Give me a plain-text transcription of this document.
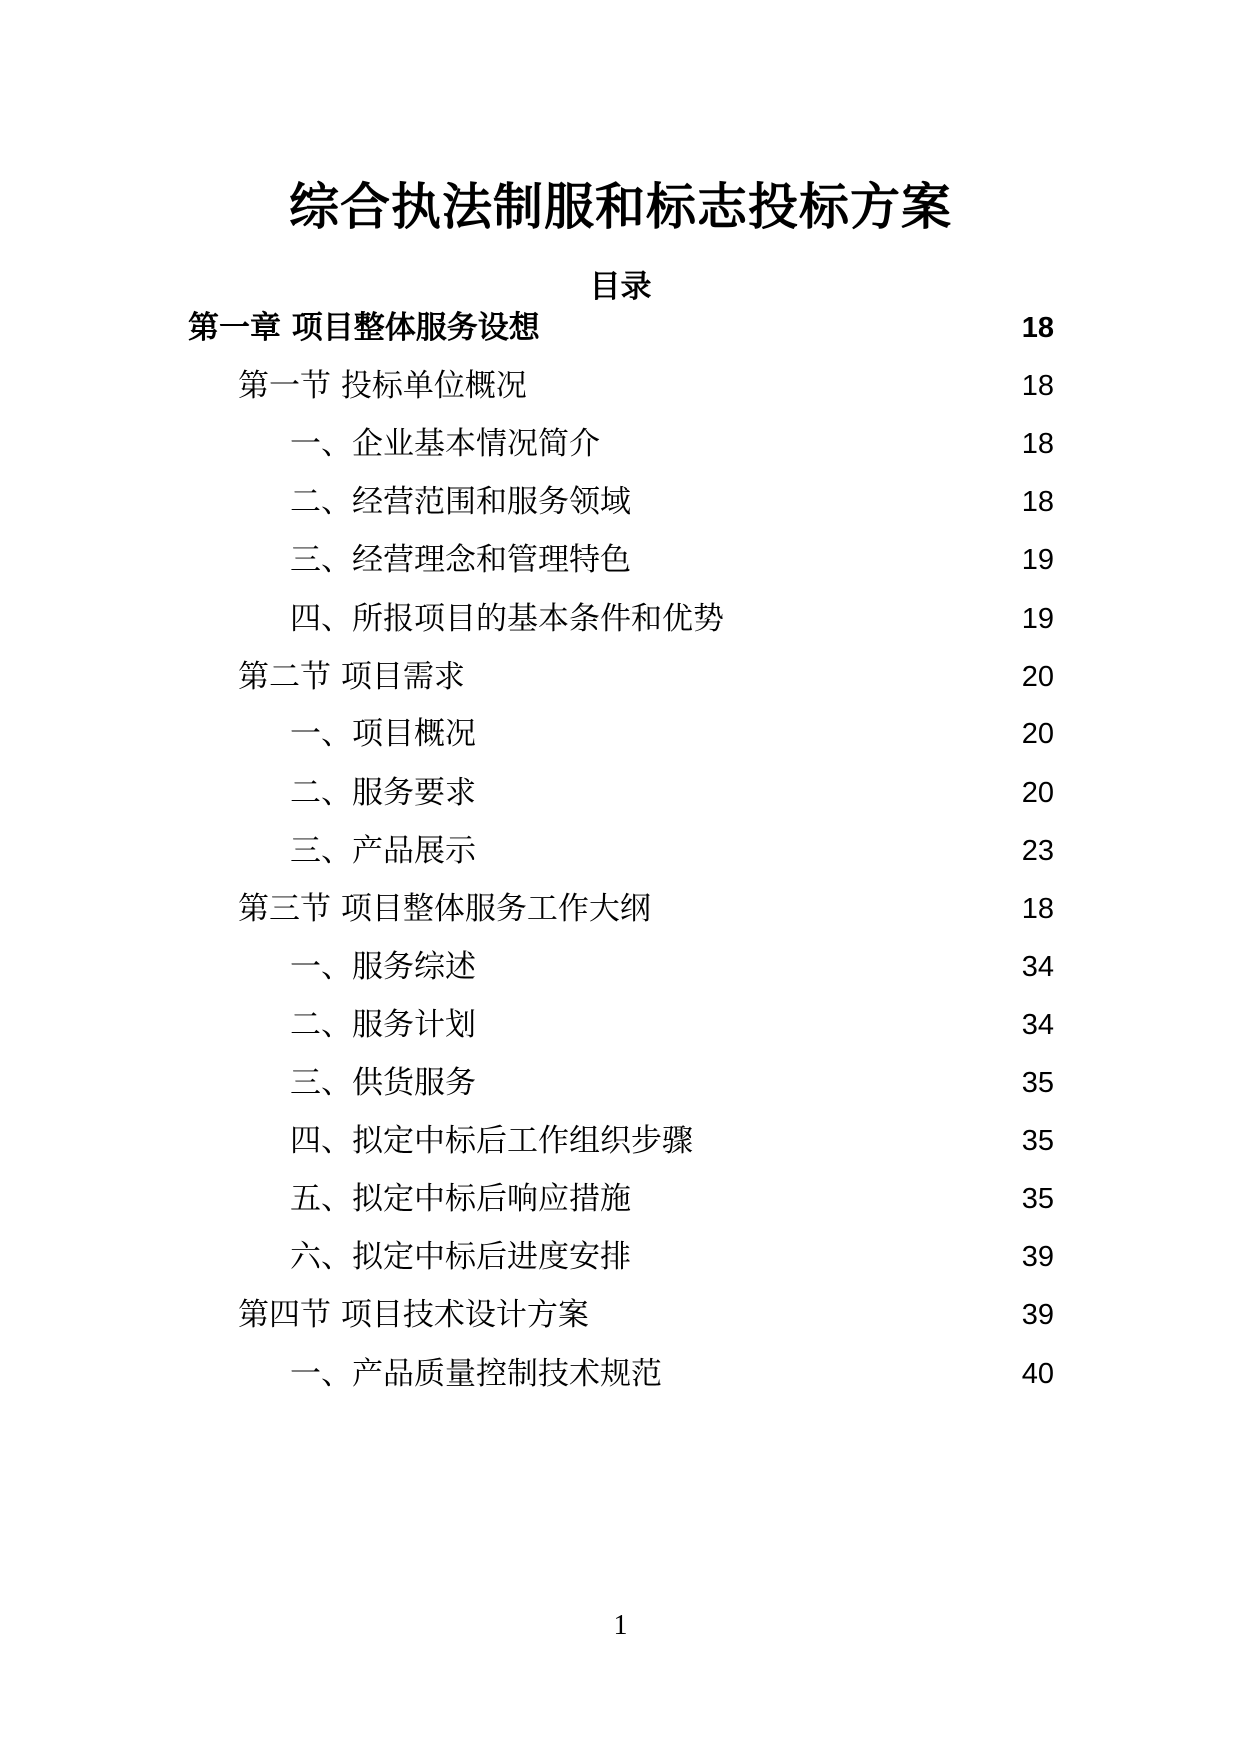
综合执法制服和标志投标方案
目录
第一章 项目整体服务设想	18
第一节 投标单位概况	18
一、企业基本情况简介	18
二、经营范围和服务领域	18
三、经营理念和管理特色	19
四、所报项目的基本条件和优势	19
第二节 项目需求	20
一、项目概况	20
二、服务要求	20
三、产品展示	23
第三节 项目整体服务工作大纲	18
一、服务综述	34
二、服务计划	34
三、供货服务	35
四、拟定中标后工作组织步骤	35
五、拟定中标后响应措施	35
六、拟定中标后进度安排	39
第四节 项目技术设计方案	39
一、产品质量控制技术规范	40
1
